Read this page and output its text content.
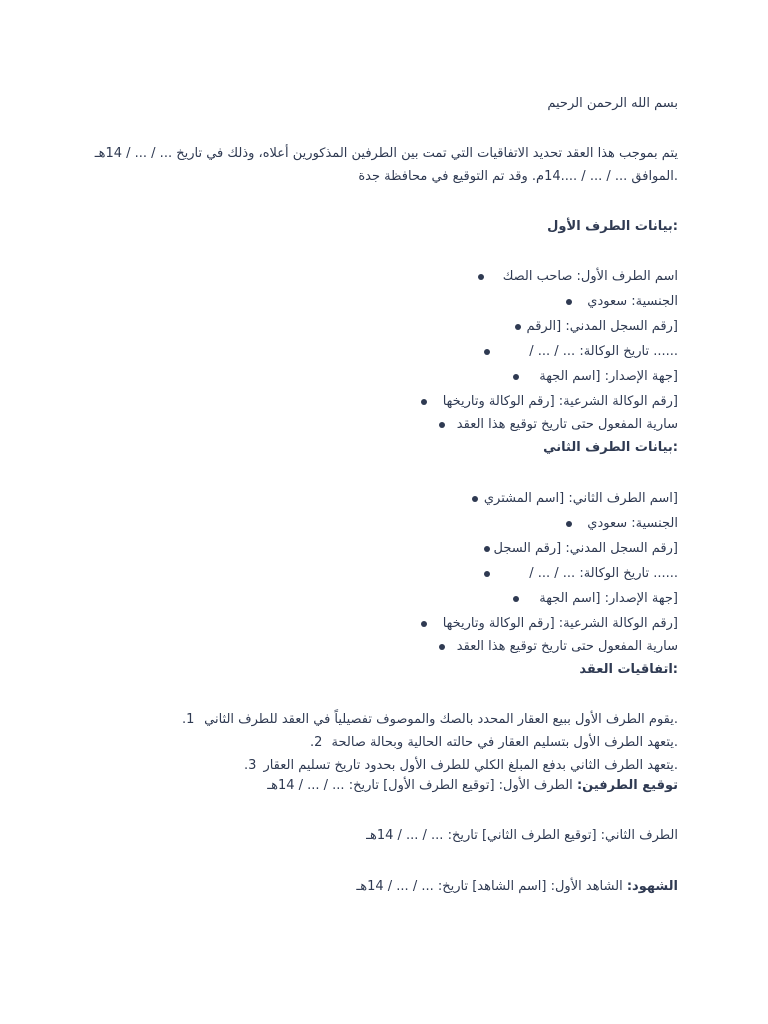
بسم الله الرحمن الرحيم
يتم بموجب هذا العقد تحديد الاتفاقيات التي تمت بين الطرفين المذكورين أعلاه، وذلك في تاريخ ... / ... / 14هـ
.الموافق ... / ... / ....14م. وقد تم التوقيع في محافظة جدة
:بيانات الطرف الأول
اسم الطرف الأول: صاحب الصك
الجنسية: سعودي
[رقم السجل المدني: [الرقم
...... تاريخ الوكالة: ... / ... /
[جهة الإصدار: [اسم الجهة
[رقم الوكالة الشرعية: [رقم الوكالة وتاريخها
سارية المفعول حتى تاريخ توقيع هذا العقد
:بيانات الطرف الثاني
[اسم الطرف الثاني: [اسم المشتري
الجنسية: سعودي
[رقم السجل المدني: [رقم السجل
...... تاريخ الوكالة: ... / ... /
[جهة الإصدار: [اسم الجهة
[رقم الوكالة الشرعية: [رقم الوكالة وتاريخها
سارية المفعول حتى تاريخ توقيع هذا العقد
:اتفاقيات العقد
.يقوم الطرف الأول ببيع العقار المحدد بالصك والموصوف تفصيلياً في العقد للطرف الثاني
1.
.يتعهد الطرف الأول بتسليم العقار في حالته الحالية وبحالة صالحة
2.
.يتعهد الطرف الثاني بدفع المبلغ الكلي للطرف الأول بحدود تاريخ تسليم العقار
3.
توقيع الطرفين: الطرف الأول: [توقيع الطرف الأول] تاريخ: ... / ... / 14هـ
الطرف الثاني: [توقيع الطرف الثاني] تاريخ: ... / ... / 14هـ
الشهود: الشاهد الأول: [اسم الشاهد] تاريخ: ... / ... / 14هـ
